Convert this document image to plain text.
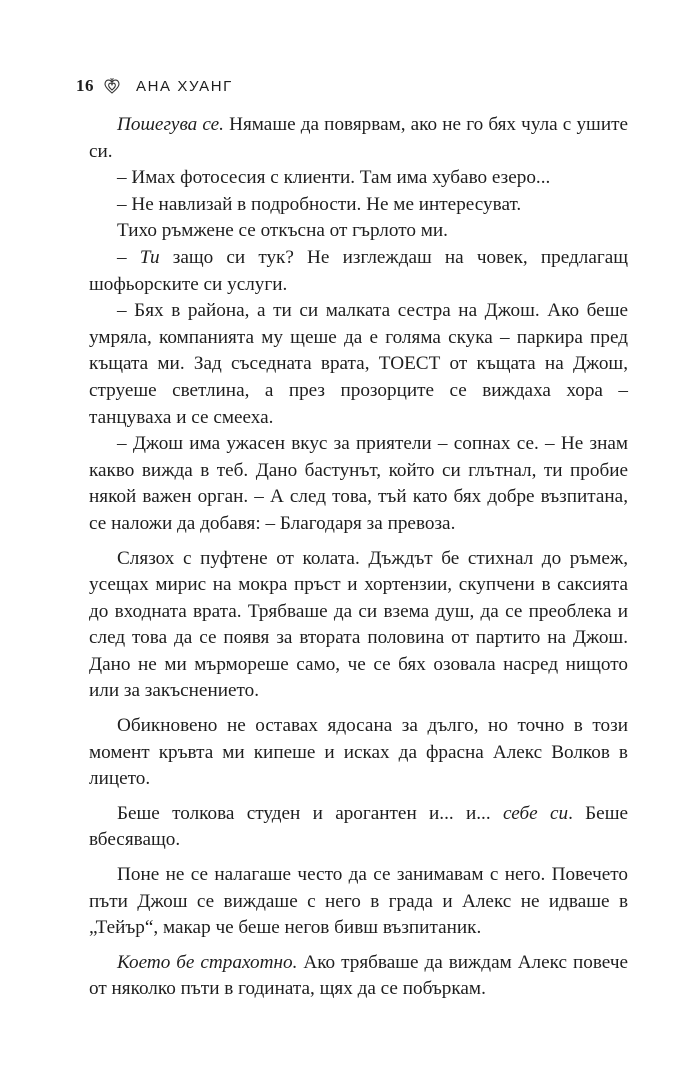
16	АНА ХУАНГ

Пошегува се. Нямаше да повярвам, ако не го бях чула с ушите си.

– Имах фотосесия с клиенти. Там има хубаво езеро...

– Не навлизай в подробности. Не ме интересуват.

Тихо ръмжене се откъсна от гърлото ми.

– Ти защо си тук? Не изглеждаш на човек, предлагащ шофьорските си услуги.

– Бях в района, а ти си малката сестра на Джош. Ако беше умряла, компанията му щеше да е голяма скука – паркира пред къщата ми. Зад съседната врата, ТОЕСТ от къщата на Джош, струеше светлина, а през прозорците се виждаха хора – танцуваха и се смееха.

– Джош има ужасен вкус за приятели – сопнах се. – Не знам какво вижда в теб. Дано бастунът, който си глътнал, ти пробие някой важен орган. – А след това, тъй като бях добре възпитана, се наложи да добавя: – Благодаря за превоза.

Слязох с пуфтене от колата. Дъждът бе стихнал до ръмеж, усещах мирис на мокра пръст и хортензии, скупчени в саксията до входната врата. Трябваше да си взема душ, да се преоблека и след това да се появя за втората половина от партито на Джош. Дано не ми мърмореше само, че се бях озовала насред нищото или за закъснението.

Обикновено не оставах ядосана за дълго, но точно в този момент кръвта ми кипеше и исках да фрасна Алекс Волков в лицето.

Беше толкова студен и арогантен и... и... себе си. Беше вбесяващо.

Поне не се налагаше често да се занимавам с него. Повечето пъти Джош се виждаше с него в града и Алекс не идваше в „Тейър“, макар че беше негов бивш възпитаник.

Което бе страхотно. Ако трябваше да виждам Алекс повече от няколко пъти в годината, щях да се побъркам.
